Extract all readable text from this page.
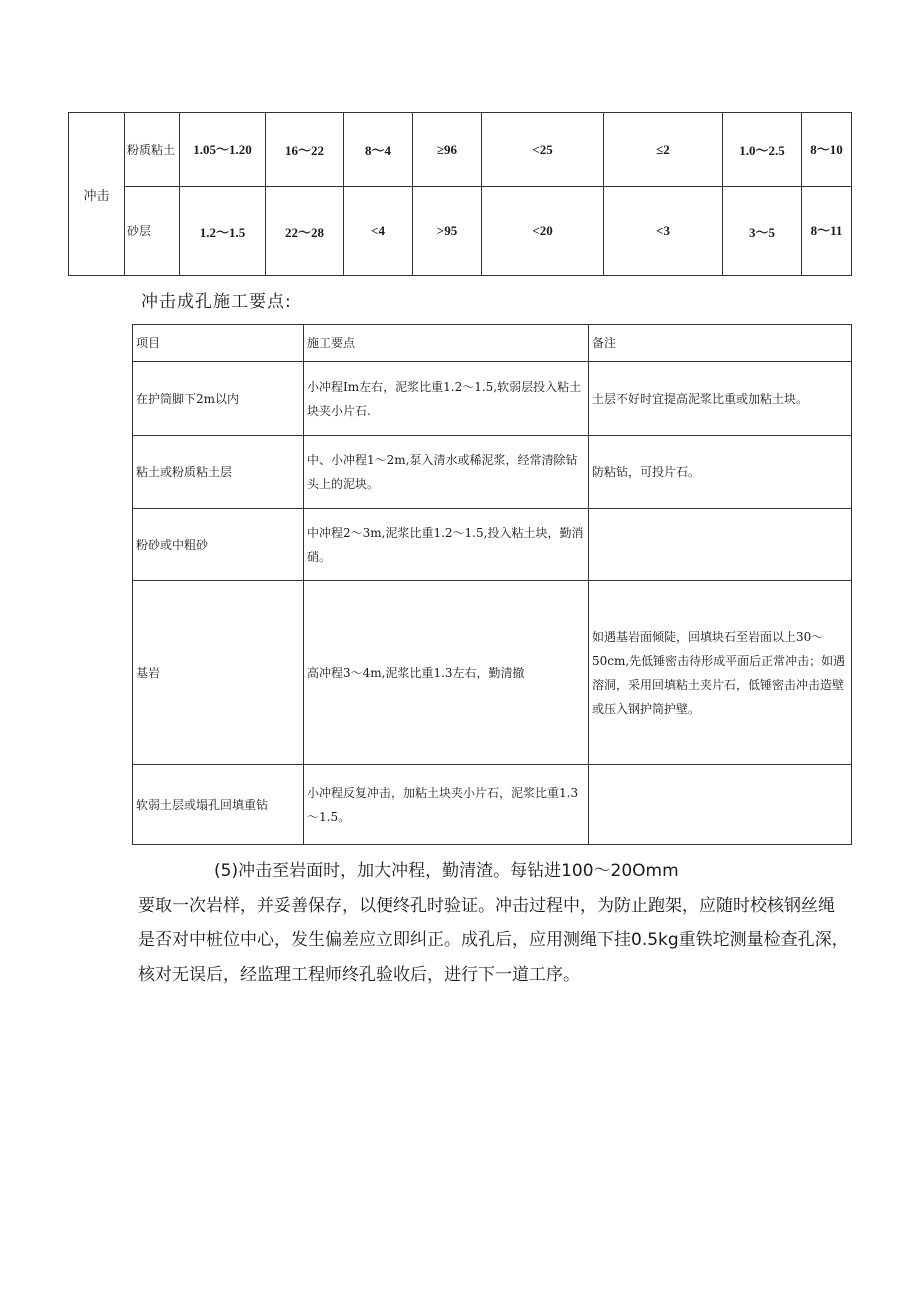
冲击	粉质粘土	1.05～1.20	16～22	8～4	≥96	<25	≤2	1.0～2.5	8～10
	砂层	1.2～1.5	22～28	<4	>95	<20	<3	3～5	8～11
冲击成孔施工要点:
项目	施工要点	备注
在护筒脚下2m以内	小冲程Im左右，泥浆比重1.2～1.5,软弱层投入粘土块夹小片石.	土层不好时宜提高泥浆比重或加粘土块。
粘土或粉质粘土层	中、小冲程1～2m,泵入清水或稀泥浆，经常清除钻头上的泥块。	防粘钻，可投片石。
粉砂或中粗砂	中冲程2～3m,泥浆比重1.2～1.5,投入粘土块，勤消硝。	
基岩	高冲程3～4m,泥浆比重1.3左右，勤清撤	如遇基岩面倾陡，回填块石至岩面以上30～50cm,先低锤密击待形成平面后正常冲击；如遇溶洞，采用回填粘土夹片石，低锤密击冲击造壁或压入钢护筒护壁。
软弱土层或塌孔回填重钻	小冲程反复冲击，加粘土块夹小片石，泥浆比重1.3～1.5。	
(5)冲击至岩面时，加大冲程，勤清渣。每钻进100～20Omm
要取一次岩样，并妥善保存，以便终孔时验证。冲击过程中，为防止跑架，应随时校核钢丝绳是否对中桩位中心，发生偏差应立即纠正。成孔后，应用测绳下挂0.5kg重铁坨测量检查孔深，核对无误后，经监理工程师终孔验收后，进行下一道工序。
